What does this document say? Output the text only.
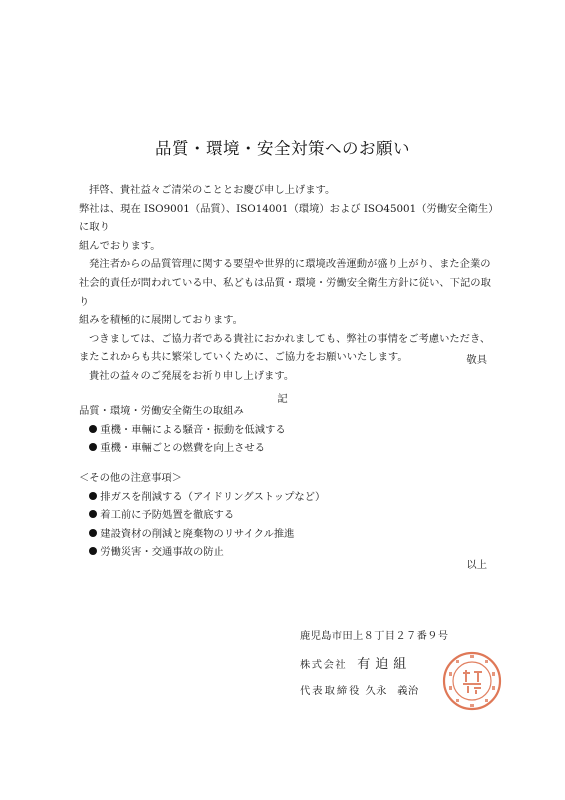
品質・環境・安全対策へのお願い

拝啓、貴社益々ご清栄のこととお慶び申し上げます。

弊社は、現在 ISO9001（品質）、ISO14001（環境）および ISO45001（労働安全衛生）に取り

組んでおります。

発注者からの品質管理に関する要望や世界的に環境改善運動が盛り上がり、また企業の

社会的責任が問われている中、私どもは品質・環境・労働安全衛生方針に従い、下記の取り

組みを積極的に展開しております。

つきましては、ご協力者である貴社におかれましても、弊社の事情をご考慮いただき、

またこれからも共に繁栄していくために、ご協力をお願いいたします。

貴社の益々のご発展をお祈り申し上げます。

敬具
記

品質・環境・労働安全衛生の取組み

重機・車輛による騒音・振動を低減する

重機・車輛ごとの燃費を向上させる

＜その他の注意事項＞

排ガスを削減する（アイドリングストップなど）

着工前に予防処置を徹底する

建設資材の削減と廃棄物のリサイクル推進

労働災害・交通事故の防止

以上
鹿児島市田上８丁目２７番９号
株式会社 有迫組
代表取締役 久永　義治
